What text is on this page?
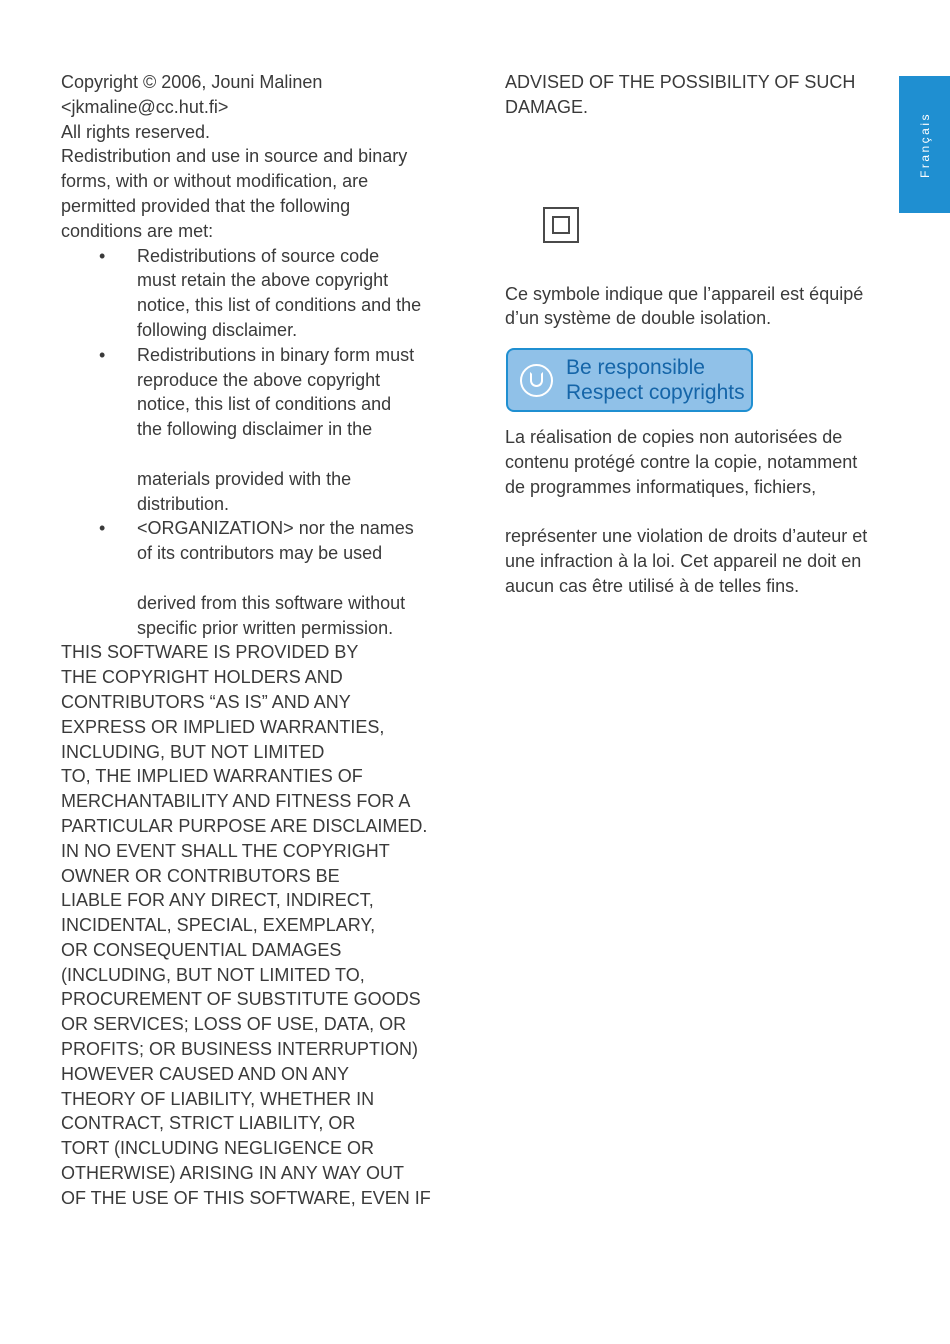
Français
Copyright © 2006, Jouni Malinen
<jkmaline@cc.hut.fi>
All rights reserved.
Redistribution and use in source and binary
forms, with or without modification, are
permitted provided that the following
conditions are met:
• Redistributions of source code
must retain the above copyright
notice, this list of conditions and the
following disclaimer.
• Redistributions in binary form must
reproduce the above copyright
notice, this list of conditions and
the following disclaimer in the
materials provided with the
distribution.
•	<ORGANIZATION> nor the names
of its contributors may be used
derived from this software without
specific prior written permission.
THIS SOFTWARE IS PROVIDED BY
THE COPYRIGHT HOLDERS AND
CONTRIBUTORS “AS IS” AND ANY
EXPRESS OR IMPLIED WARRANTIES,
INCLUDING, BUT NOT LIMITED
TO, THE IMPLIED WARRANTIES OF
MERCHANTABILITY AND FITNESS FOR A
PARTICULAR PURPOSE ARE DISCLAIMED.
IN NO EVENT SHALL THE COPYRIGHT
OWNER OR CONTRIBUTORS BE
LIABLE FOR ANY DIRECT, INDIRECT,
INCIDENTAL, SPECIAL, EXEMPLARY,
OR CONSEQUENTIAL DAMAGES
(INCLUDING, BUT NOT LIMITED TO,
PROCUREMENT OF SUBSTITUTE GOODS
OR SERVICES; LOSS OF USE, DATA, OR
PROFITS; OR BUSINESS INTERRUPTION)
HOWEVER CAUSED AND ON ANY
THEORY OF LIABILITY, WHETHER IN
CONTRACT, STRICT LIABILITY, OR
TORT (INCLUDING NEGLIGENCE OR
OTHERWISE) ARISING IN ANY WAY OUT
OF THE USE OF THIS SOFTWARE, EVEN IF
ADVISED OF THE POSSIBILITY OF SUCH
DAMAGE.
Ce symbole indique que l’appareil est équipé
d’un système de double isolation.
La réalisation de copies non autorisées de
contenu protégé contre la copie, notamment
de programmes informatiques, fichiers,
représenter une violation de droits d’auteur et
une infraction à la loi. Cet appareil ne doit en
aucun cas être utilisé à de telles fins.
Be responsible
Respect copyrights
